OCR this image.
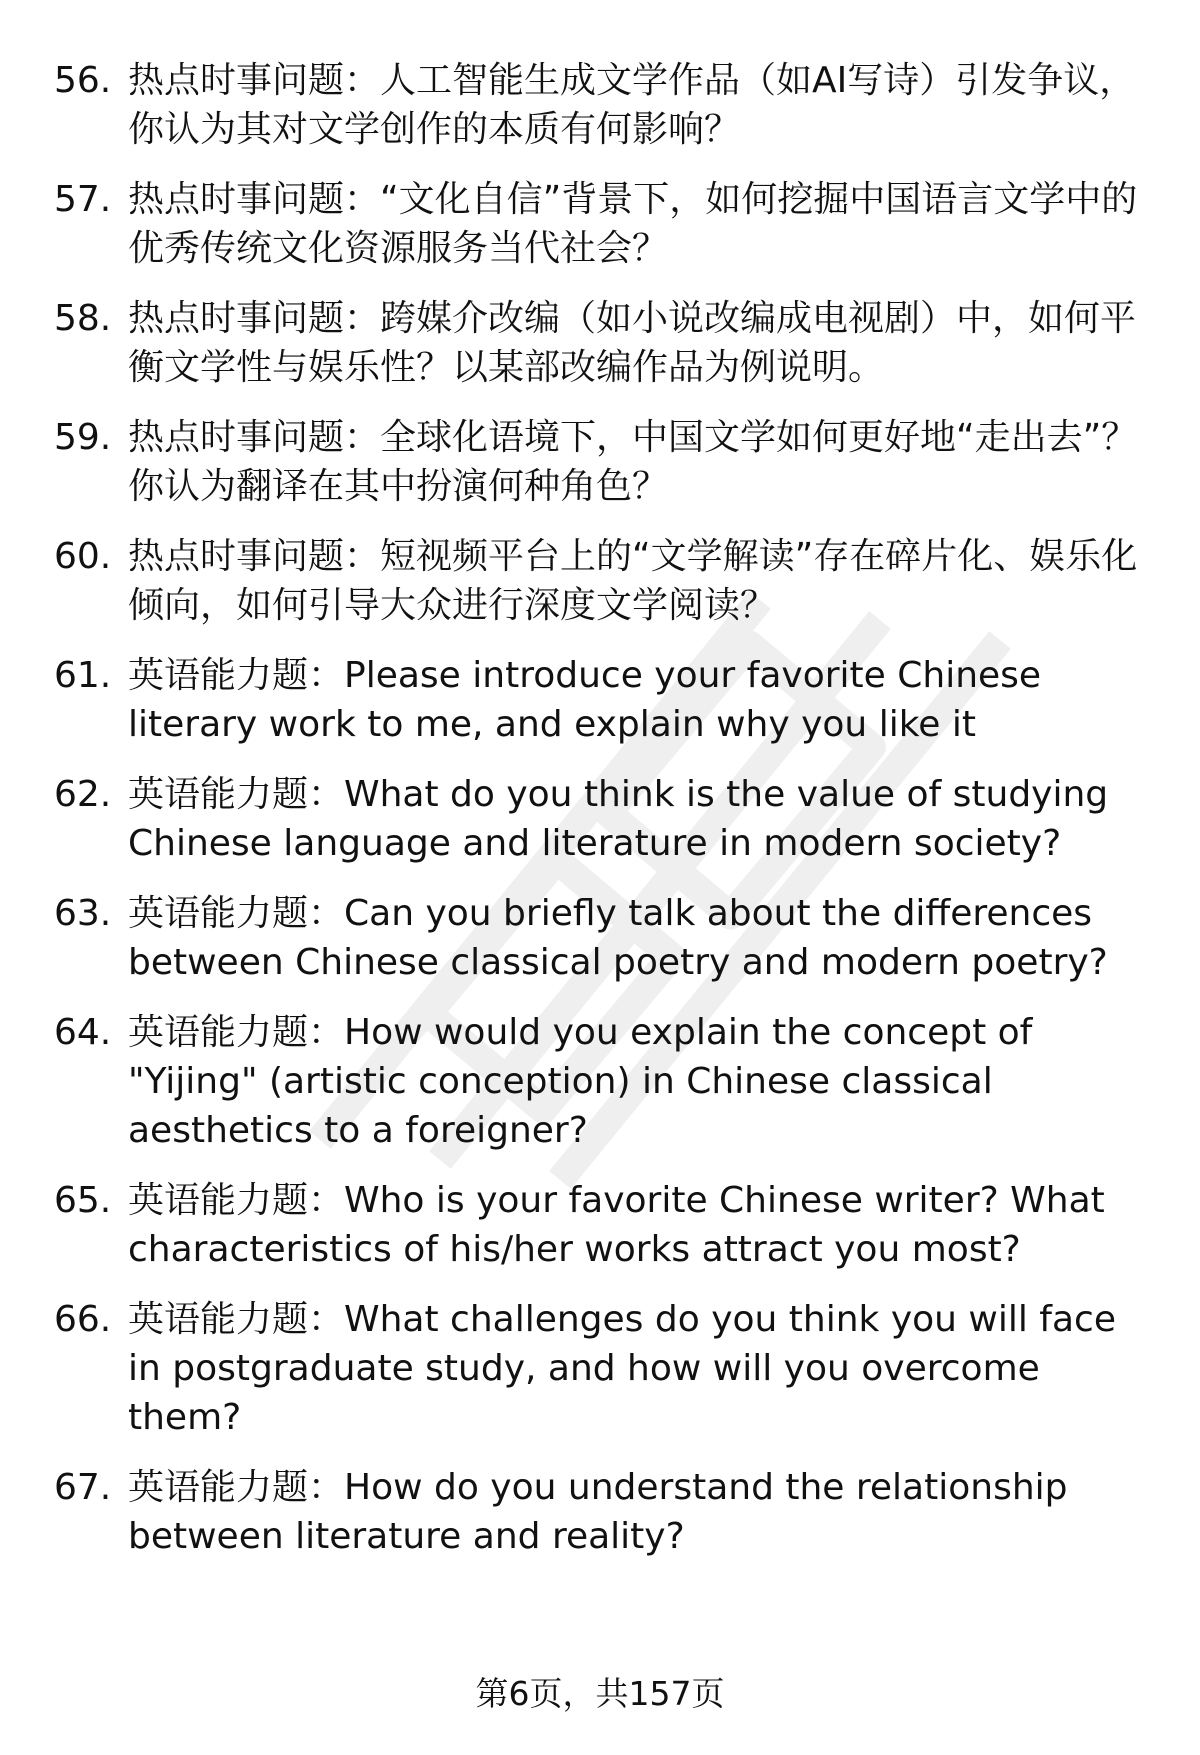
56. 热点时事问题：人工智能生成文学作品（如AI写诗）引发争议，你认为其对文学创作的本质有何影响？
57. 热点时事问题：“文化自信”背景下，如何挖掘中国语言文学中的优秀传统文化资源服务当代社会？
58. 热点时事问题：跨媒介改编（如小说改编成电视剧）中，如何平衡文学性与娱乐性？以某部改编作品为例说明。
59. 热点时事问题：全球化语境下，中国文学如何更好地“走出去”？你认为翻译在其中扮演何种角色？
60. 热点时事问题：短视频平台上的“文学解读”存在碎片化、娱乐化倾向，如何引导大众进行深度文学阅读？
61. 英语能力题：Please introduce your favorite Chinese literary work to me, and explain why you like it
62. 英语能力题：What do you think is the value of studying Chinese language and literature in modern society?
63. 英语能力题：Can you briefly talk about the differences between Chinese classical poetry and modern poetry?
64. 英语能力题：How would you explain the concept of "Yijing" (artistic conception) in Chinese classical aesthetics to a foreigner?
65. 英语能力题：Who is your favorite Chinese writer? What characteristics of his/her works attract you most?
66. 英语能力题：What challenges do you think you will face in postgraduate study, and how will you overcome them?
67. 英语能力题：How do you understand the relationship between literature and reality?
第6页，共157页
